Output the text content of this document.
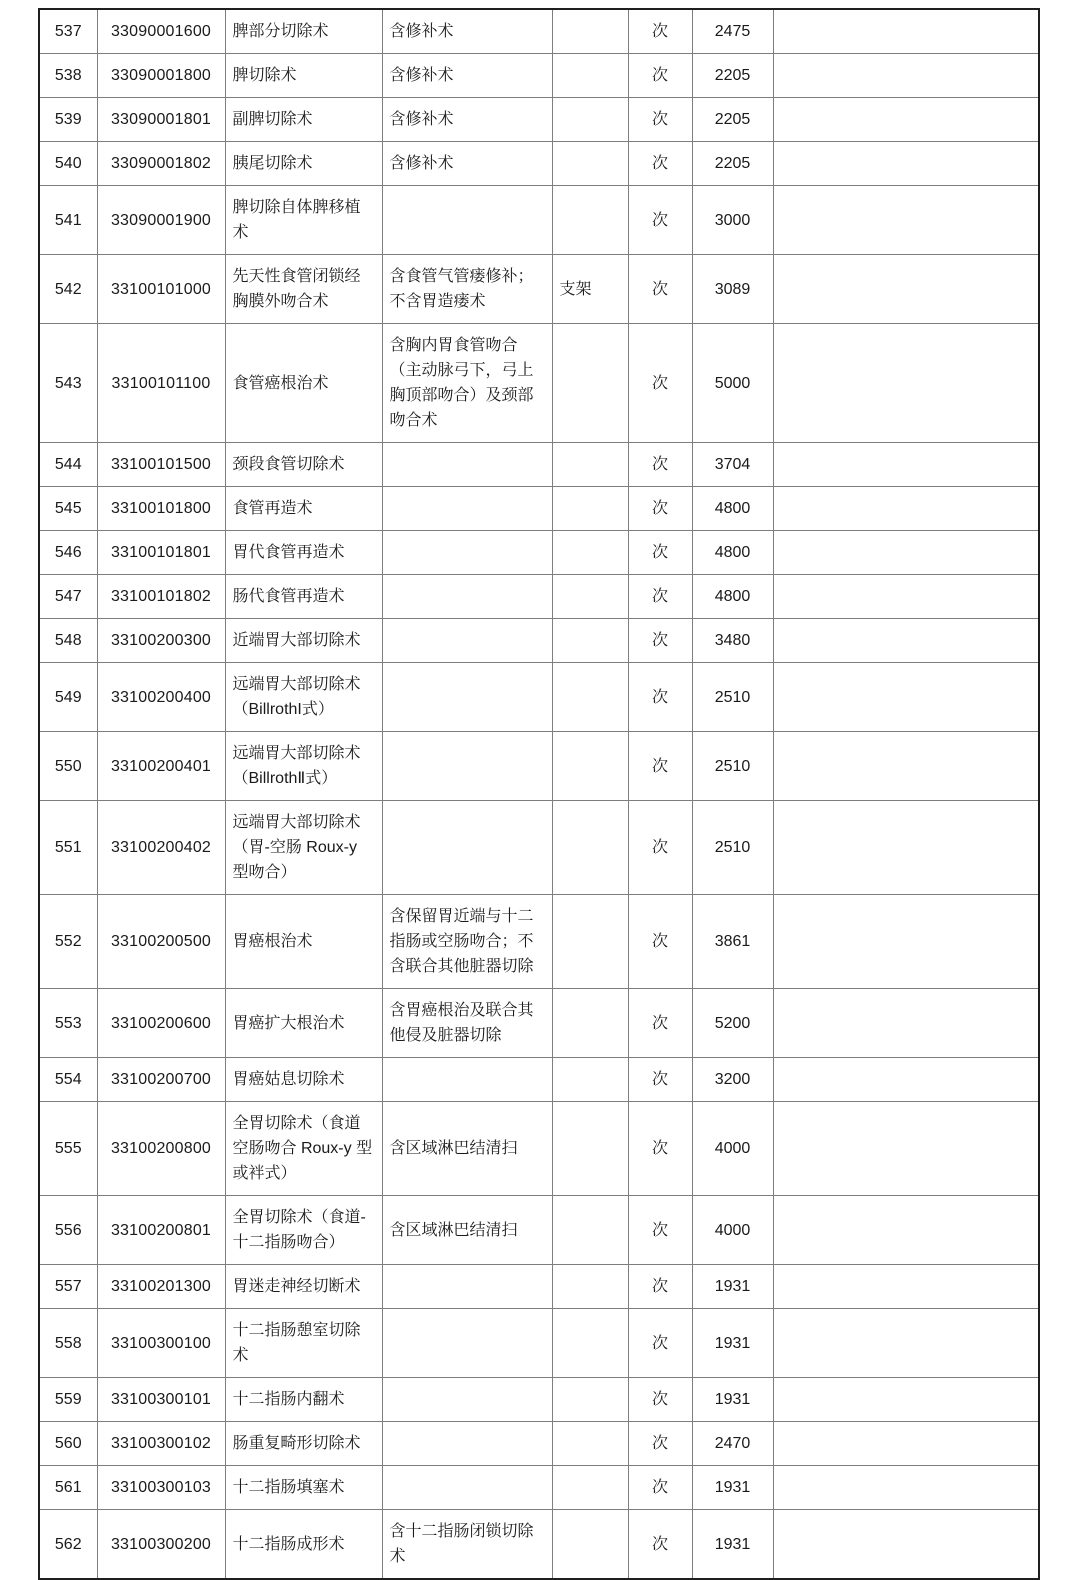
537	33090001600	脾部分切除术	含修补术		次	2475	
538	33090001800	脾切除术	含修补术		次	2205	
539	33090001801	副脾切除术	含修补术		次	2205	
540	33090001802	胰尾切除术	含修补术		次	2205	
541	33090001900	脾切除自体脾移植术			次	3000	
542	33100101000	先天性食管闭锁经胸膜外吻合术	含食管气管瘘修补；不含胃造瘘术	支架	次	3089	
543	33100101100	食管癌根治术	含胸内胃食管吻合（主动脉弓下，弓上胸顶部吻合）及颈部吻合术		次	5000	
544	33100101500	颈段食管切除术			次	3704	
545	33100101800	食管再造术			次	4800	
546	33100101801	胃代食管再造术			次	4800	
547	33100101802	肠代食管再造术			次	4800	
548	33100200300	近端胃大部切除术			次	3480	
549	33100200400	远端胃大部切除术（BillrothI式）			次	2510	
550	33100200401	远端胃大部切除术（BillrothⅡ式）			次	2510	
551	33100200402	远端胃大部切除术（胃-空肠 Roux-y 型吻合）			次	2510	
552	33100200500	胃癌根治术	含保留胃近端与十二指肠或空肠吻合；不含联合其他脏器切除		次	3861	
553	33100200600	胃癌扩大根治术	含胃癌根治及联合其他侵及脏器切除		次	5200	
554	33100200700	胃癌姑息切除术			次	3200	
555	33100200800	全胃切除术（食道空肠吻合 Roux-y 型或袢式）	含区域淋巴结清扫		次	4000	
556	33100200801	全胃切除术（食道-十二指肠吻合）	含区域淋巴结清扫		次	4000	
557	33100201300	胃迷走神经切断术			次	1931	
558	33100300100	十二指肠憩室切除术			次	1931	
559	33100300101	十二指肠内翻术			次	1931	
560	33100300102	肠重复畸形切除术			次	2470	
561	33100300103	十二指肠填塞术			次	1931	
562	33100300200	十二指肠成形术	含十二指肠闭锁切除术		次	1931	
